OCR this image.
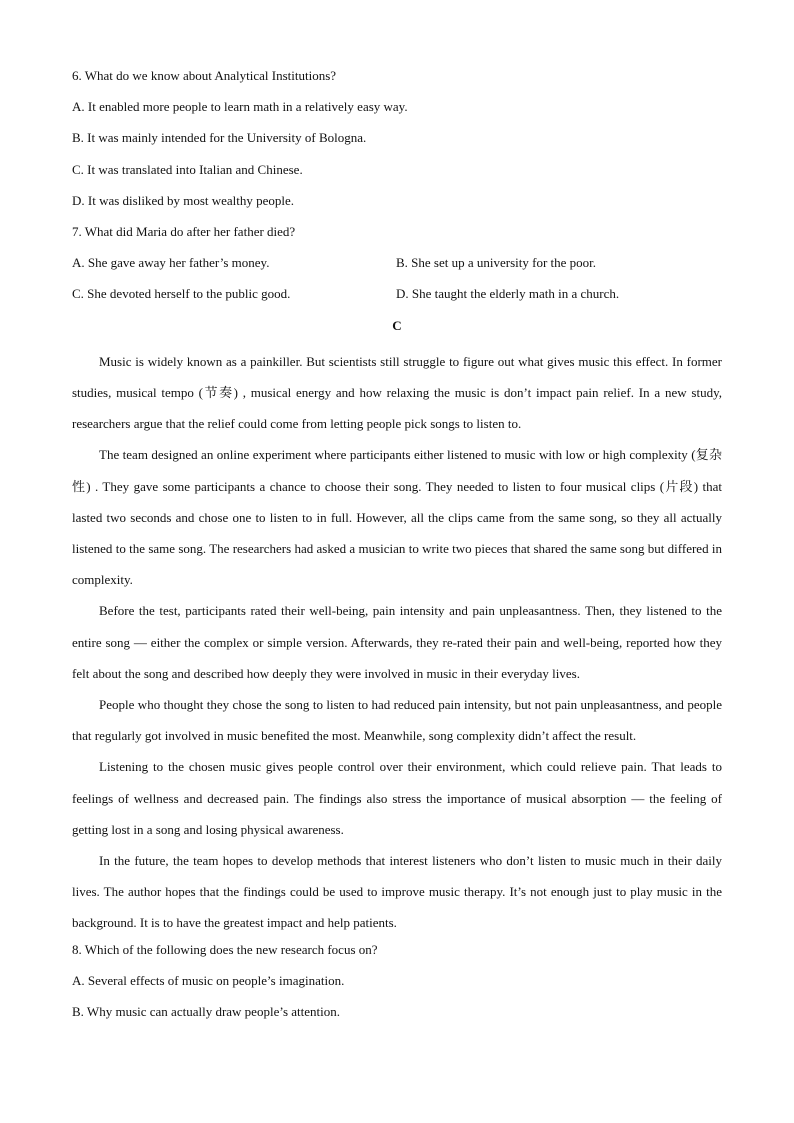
6. What do we know about Analytical Institutions?
A. It enabled more people to learn math in a relatively easy way.
B. It was mainly intended for the University of Bologna.
C. It was translated into Italian and Chinese.
D. It was disliked by most wealthy people.
7. What did Maria do after her father died?
A. She gave away her father’s money.	B. She set up a university for the poor.
C. She devoted herself to the public good.	D. She taught the elderly math in a church.
C

Music is widely known as a painkiller. But scientists still struggle to figure out what gives music this effect. In former studies, musical tempo (节奏) , musical energy and how relaxing the music is don’t impact pain relief. In a new study, researchers argue that the relief could come from letting people pick songs to listen to.

The team designed an online experiment where participants either listened to music with low or high complexity (复杂性) . They gave some participants a chance to choose their song. They needed to listen to four musical clips (片段) that lasted two seconds and chose one to listen to in full. However, all the clips came from the same song, so they all actually listened to the same song. The researchers had asked a musician to write two pieces that shared the same song but differed in complexity.

Before the test, participants rated their well-being, pain intensity and pain unpleasantness. Then, they listened to the entire song — either the complex or simple version. Afterwards, they re-rated their pain and well-being, reported how they felt about the song and described how deeply they were involved in music in their everyday lives.

People who thought they chose the song to listen to had reduced pain intensity, but not pain unpleasantness, and people that regularly got involved in music benefited the most. Meanwhile, song complexity didn’t affect the result.

Listening to the chosen music gives people control over their environment, which could relieve pain. That leads to feelings of wellness and decreased pain. The findings also stress the importance of musical absorption — the feeling of getting lost in a song and losing physical awareness.

In the future, the team hopes to develop methods that interest listeners who don’t listen to music much in their daily lives. The author hopes that the findings could be used to improve music therapy. It’s not enough just to play music in the background. It is to have the greatest impact and help patients.

8. Which of the following does the new research focus on?
A. Several effects of music on people’s imagination.
B. Why music can actually draw people’s attention.
